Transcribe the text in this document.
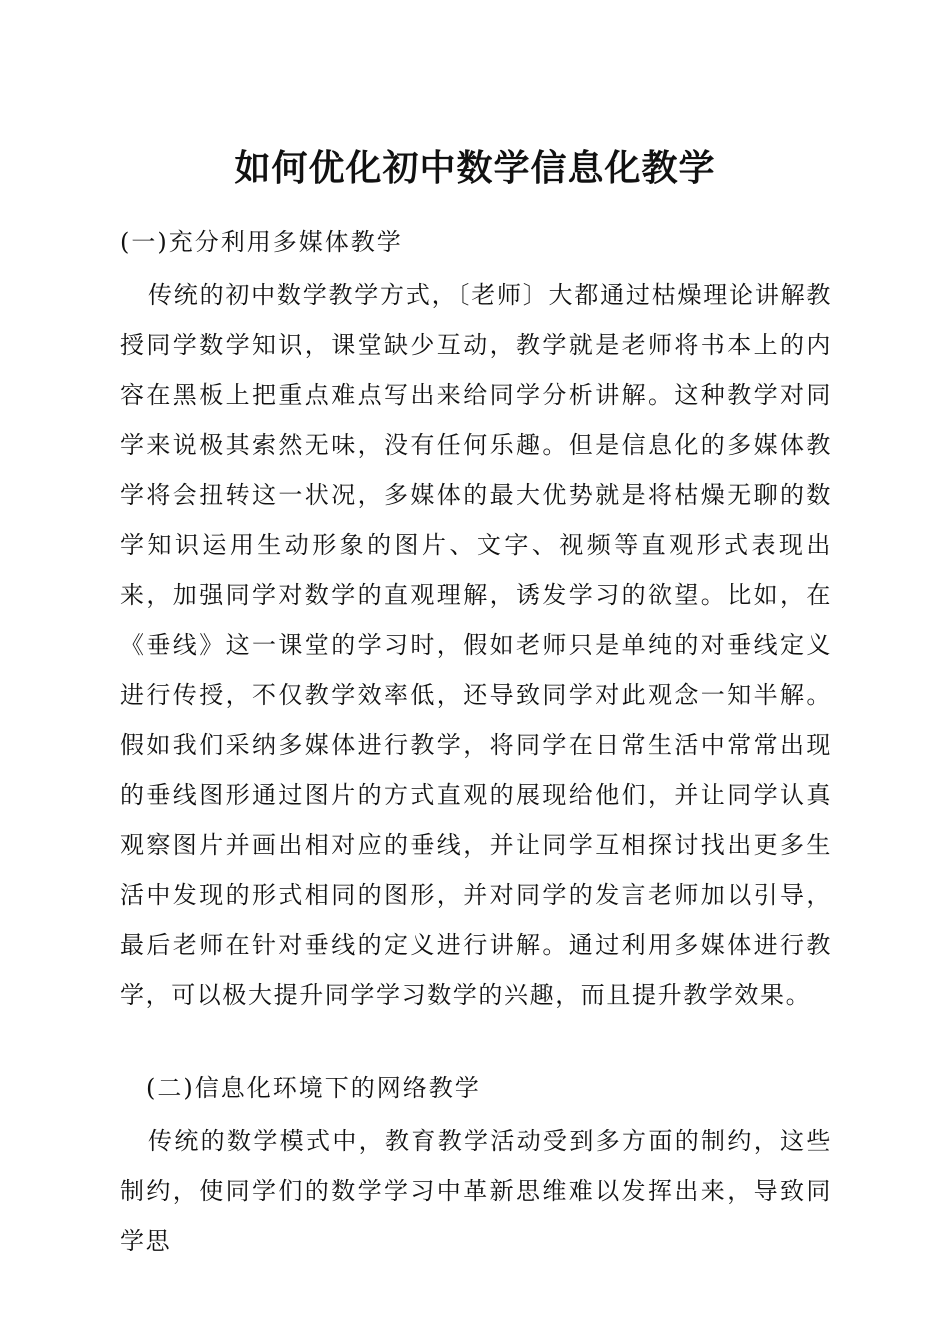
如何优化初中数学信息化教学
(一)充分利用多媒体教学

传统的初中数学教学方式，〔老师〕大都通过枯燥理论讲解教授同学数学知识，课堂缺少互动，教学就是老师将书本上的内容在黑板上把重点难点写出来给同学分析讲解。这种教学对同学来说极其索然无味，没有任何乐趣。但是信息化的多媒体教学将会扭转这一状况，多媒体的最大优势就是将枯燥无聊的数学知识运用生动形象的图片、文字、视频等直观形式表现出来，加强同学对数学的直观理解，诱发学习的欲望。比如，在《垂线》这一课堂的学习时，假如老师只是单纯的对垂线定义进行传授，不仅教学效率低，还导致同学对此观念一知半解。假如我们采纳多媒体进行教学，将同学在日常生活中常常出现的垂线图形通过图片的方式直观的展现给他们，并让同学认真观察图片并画出相对应的垂线，并让同学互相探讨找出更多生活中发现的形式相同的图形，并对同学的发言老师加以引导，最后老师在针对垂线的定义进行讲解。通过利用多媒体进行教学，可以极大提升同学学习数学的兴趣，而且提升教学效果。

(二)信息化环境下的网络教学

传统的数学模式中，教育教学活动受到多方面的制约，这些制约，使同学们的数学学习中革新思维难以发挥出来，导致同学思
